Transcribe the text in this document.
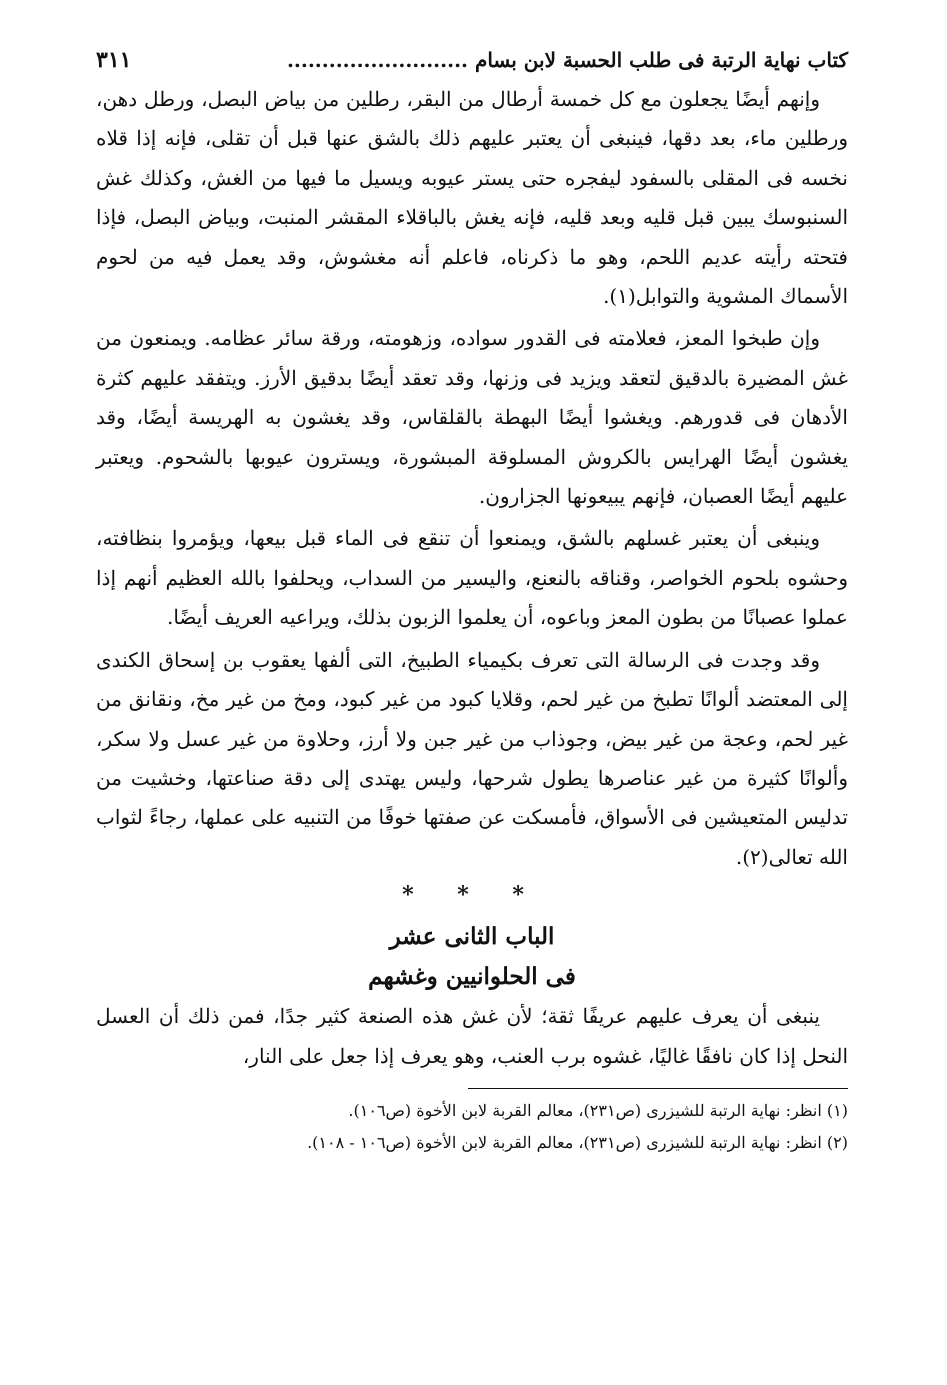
كتاب نهاية الرتبة فى طلب الحسبة لابن بسام ..........................
٣١١

وإنهم أيضًا يجعلون مع كل خمسة أرطال من البقر، رطلين من بياض البصل، ورطل دهن، ورطلين ماء، بعد دقها، فينبغى أن يعتبر عليهم ذلك بالشق عنها قبل أن تقلى، فإنه إذا قلاه نخسه فى المقلى بالسفود ليفجره حتى يستر عيوبه ويسيل ما فيها من الغش، وكذلك غش السنبوسك يبين قبل قليه وبعد قليه، فإنه يغش بالباقلاء المقشر المنبت، وبياض البصل، فإذا فتحته رأيته عديم اللحم، وهو ما ذكرناه، فاعلم أنه مغشوش، وقد يعمل فيه من لحوم الأسماك المشوية والتوابل(١).

وإن طبخوا المعز، فعلامته فى القدور سواده، وزهومته، ورقة سائر عظامه. ويمنعون من غش المضيرة بالدقيق لتعقد ويزيد فى وزنها، وقد تعقد أيضًا بدقيق الأرز. ويتفقد عليهم كثرة الأدهان فى قدورهم. ويغشوا أيضًا البهطة بالقلقاس، وقد يغشون به الهريسة أيضًا، وقد يغشون أيضًا الهرايس بالكروش المسلوقة المبشورة، ويسترون عيوبها بالشحوم. ويعتبر عليهم أيضًا العصبان، فإنهم يبيعونها الجزارون.

وينبغى أن يعتبر غسلهم بالشق، ويمنعوا أن تنقع فى الماء قبل بيعها، ويؤمروا بنظافته، وحشوه بلحوم الخواصر، وقناقه بالنعنع، واليسير من السداب، ويحلفوا بالله العظيم أنهم إذا عملوا عصبانًا من بطون المعز وباعوه، أن يعلموا الزبون بذلك، ويراعيه العريف أيضًا.

وقد وجدت فى الرسالة التى تعرف بكيمياء الطبيخ، التى ألفها يعقوب بن إسحاق الكندى إلى المعتضد ألوانًا تطبخ من غير لحم، وقلايا كبود من غير كبود، ومخ من غير مخ، ونقانق من غير لحم، وعجة من غير بيض، وجوذاب من غير جبن ولا أرز، وحلاوة من غير عسل ولا سكر، وألوانًا كثيرة من غير عناصرها يطول شرحها، وليس يهتدى إلى دقة صناعتها، وخشيت من تدليس المتعيشين فى الأسواق، فأمسكت عن صفتها خوفًا من التنبيه على عملها، رجاءً لثواب الله تعالى(٢).

* * *
الباب الثانى عشر
فى الحلوانيين وغشهم

ينبغى أن يعرف عليهم عريفًا ثقة؛ لأن غش هذه الصنعة كثير جدًا، فمن ذلك أن العسل النحل إذا كان نافقًا غاليًا، غشوه برب العنب، وهو يعرف إذا جعل على النار،

(١) انظر: نهاية الرتبة للشيزرى (ص٢٣١)، معالم القربة لابن الأخوة (ص١٠٦).

(٢) انظر: نهاية الرتبة للشيزرى (ص٢٣١)، معالم القربة لابن الأخوة (ص١٠٦ - ١٠٨).
